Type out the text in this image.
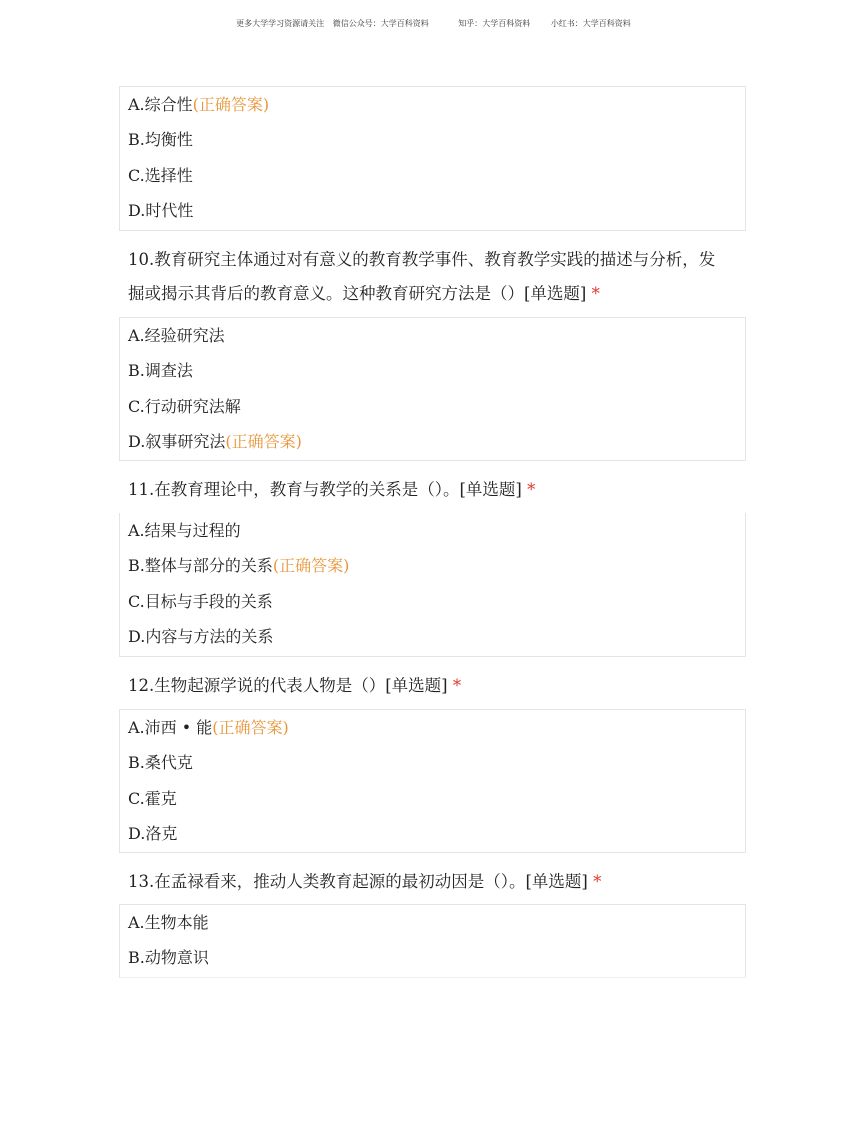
更多大学学习资源请关注 微信公众号：大学百科资料	知乎：大学百科资料	小红书：大学百科资料
A.综合性(正确答案)
B.均衡性
C.选择性
D.时代性
10.教育研究主体通过对有意义的教育教学事件、教育教学实践的描述与分析，发
掘或揭示其背后的教育意义。这种教育研究方法是（）[单选题] *
A.经验研究法
B.调查法
C.行动研究法解
D.叙事研究法(正确答案)
11.在教育理论中，教育与教学的关系是（）。[单选题] *
A.结果与过程的
B.整体与部分的关系(正确答案)
C.目标与手段的关系
D.内容与方法的关系
12.生物起源学说的代表人物是（）[单选题] *
A.沛西 • 能(正确答案)
B.桑代克
C.霍克
D.洛克
13.在孟禄看来，推动人类教育起源的最初动因是（）。[单选题] *
A.生物本能
B.动物意识
